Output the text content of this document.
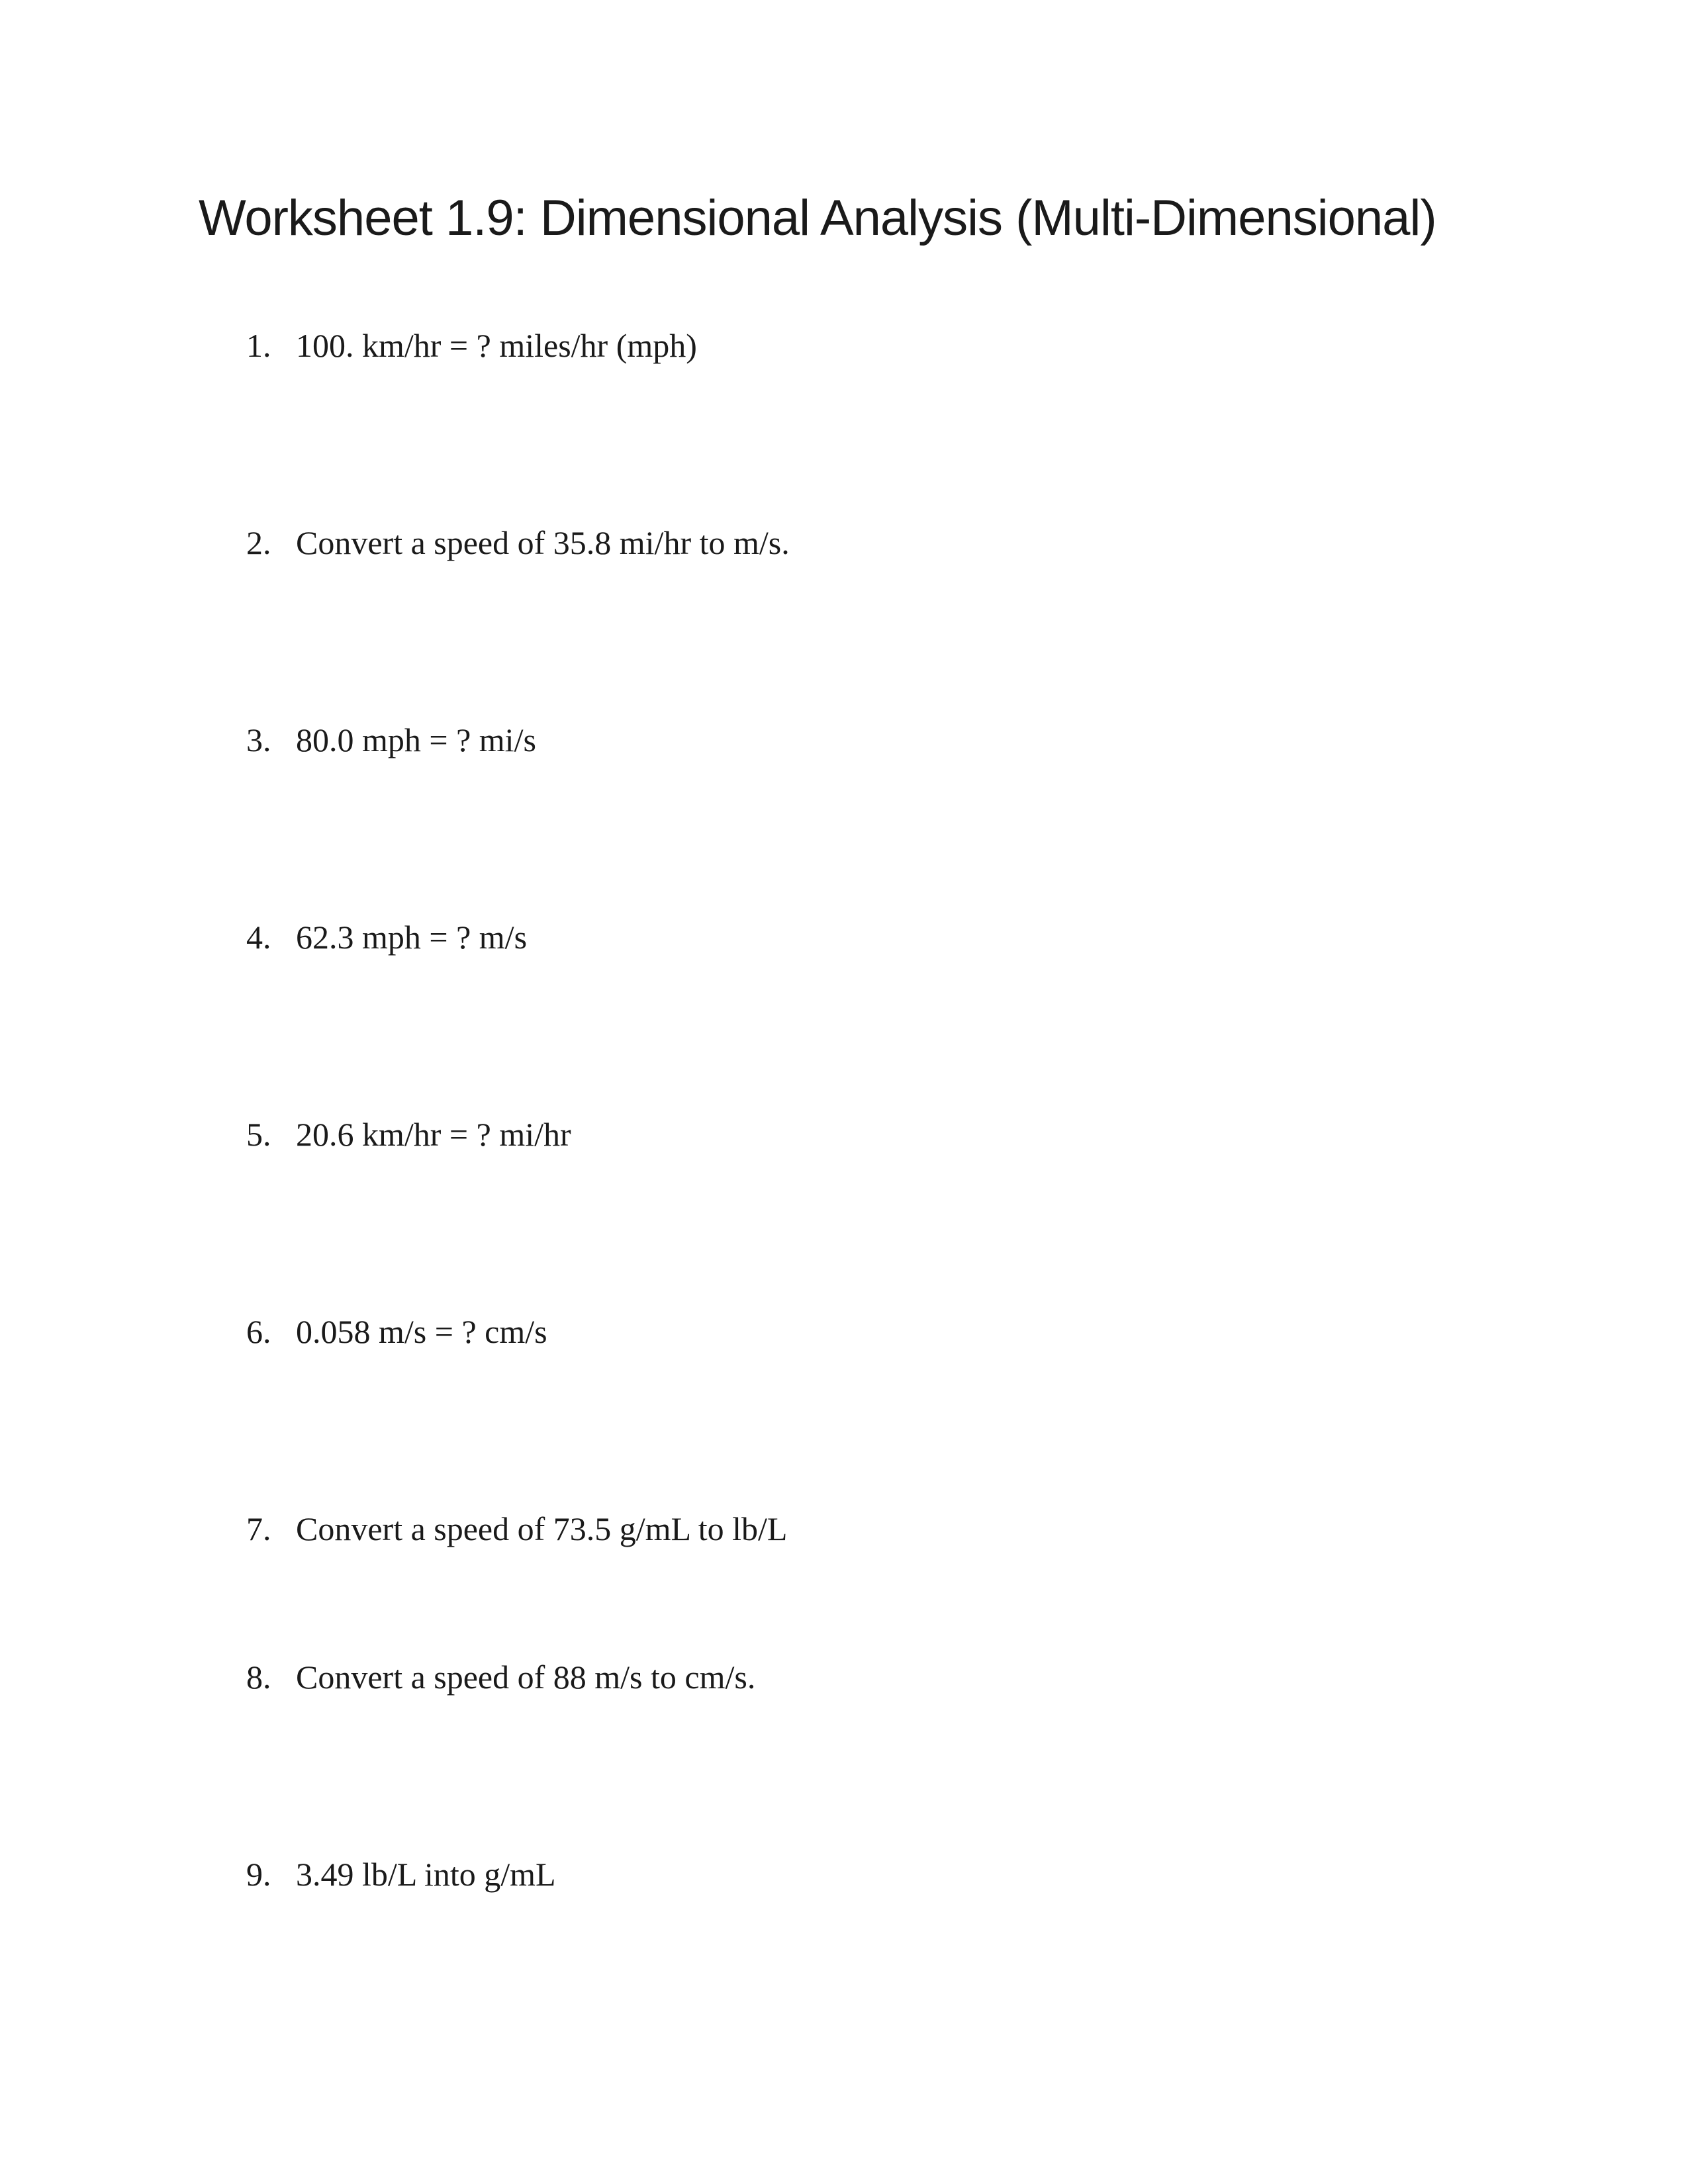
Worksheet 1.9: Dimensional Analysis (Multi-Dimensional)
1. 100. km/hr = ? miles/hr (mph)
2. Convert a speed of 35.8 mi/hr to m/s.
3. 80.0 mph = ? mi/s
4. 62.3 mph = ? m/s
5. 20.6 km/hr = ? mi/hr
6. 0.058 m/s = ? cm/s
7. Convert a speed of 73.5 g/mL to lb/L
8. Convert a speed of 88 m/s to cm/s.
9. 3.49 lb/L into g/mL
